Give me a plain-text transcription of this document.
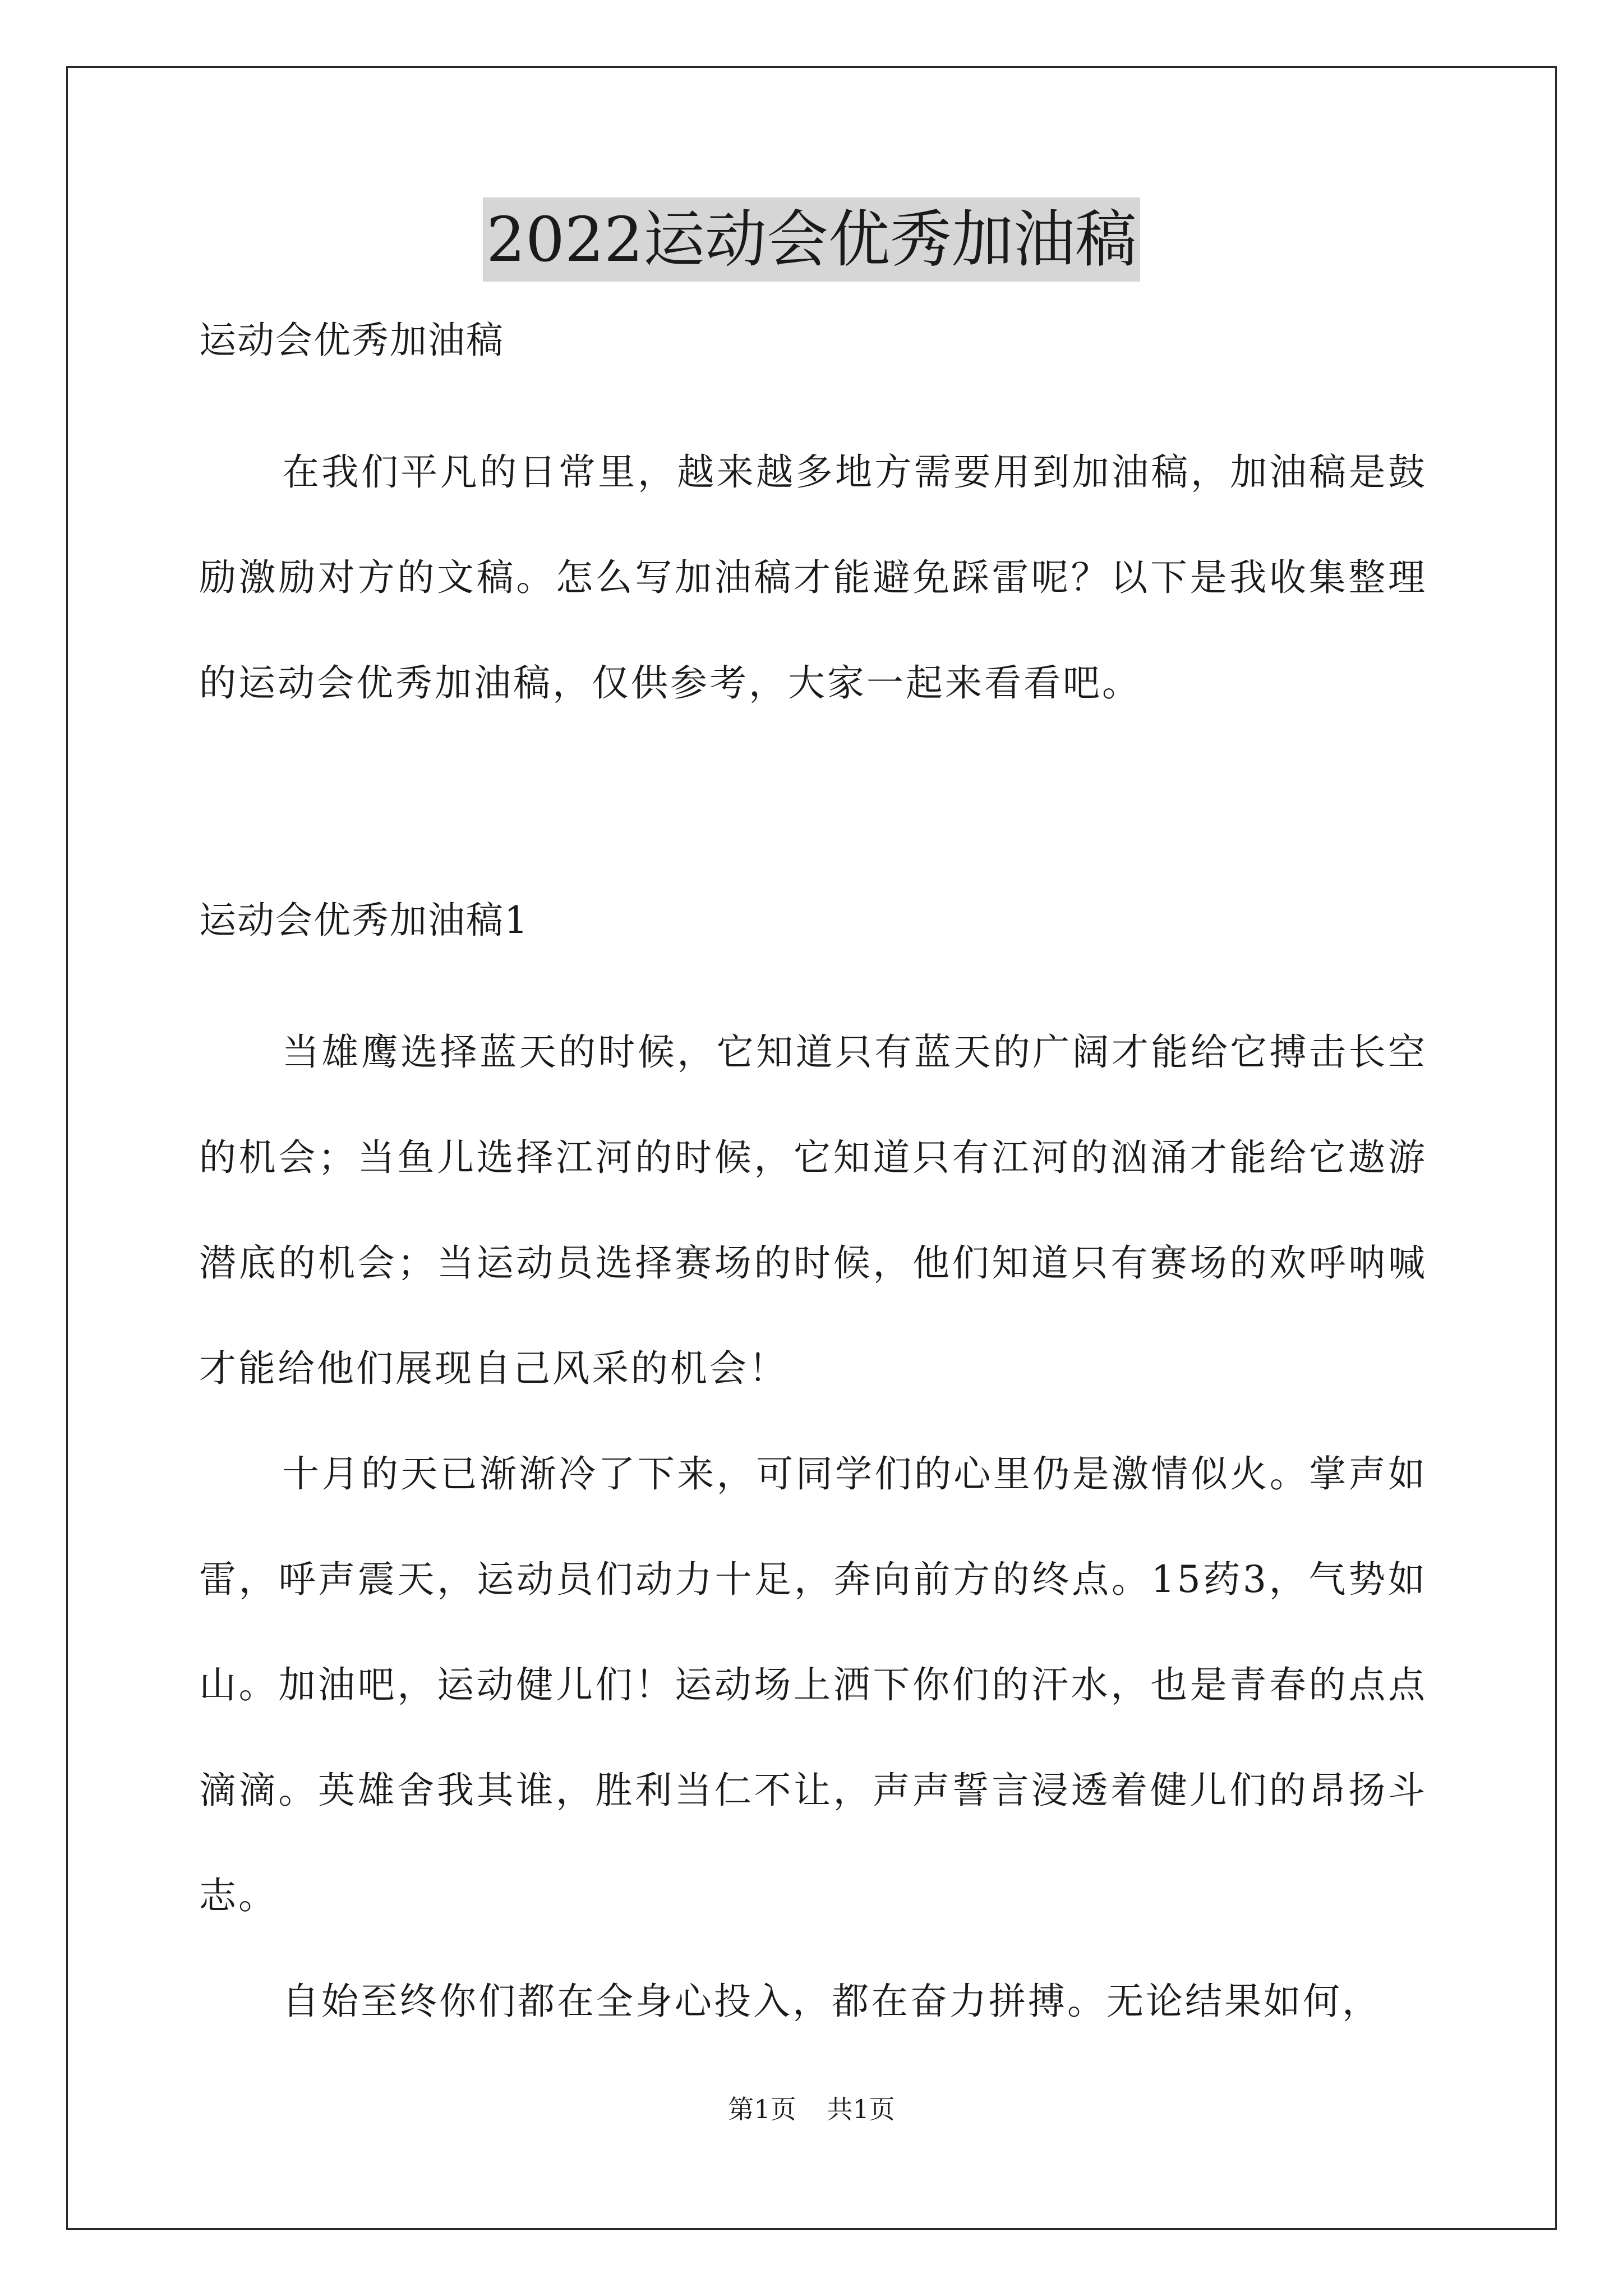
2022运动会优秀加油稿

运动会优秀加油稿

在我们平凡的日常里，越来越多地方需要用到加油稿，加油稿是鼓励激励对方的文稿。怎么写加油稿才能避免踩雷呢？以下是我收集整理的运动会优秀加油稿，仅供参考，大家一起来看看吧。

运动会优秀加油稿1

当雄鹰选择蓝天的时候，它知道只有蓝天的广阔才能给它搏击长空的机会；当鱼儿选择江河的时候，它知道只有江河的汹涌才能给它遨游潜底的机会；当运动员选择赛场的时候，他们知道只有赛场的欢呼呐喊才能给他们展现自己风采的机会！

十月的天已渐渐冷了下来，可同学们的心里仍是激情似火。掌声如雷，呼声震天，运动员们动力十足，奔向前方的终点。15药3，气势如山。加油吧，运动健儿们！运动场上洒下你们的汗水，也是青春的点点滴滴。英雄舍我其谁，胜利当仁不让，声声誓言浸透着健儿们的昂扬斗志。

自始至终你们都在全身心投入，都在奋力拼搏。无论结果如何，

第1页 共1页
